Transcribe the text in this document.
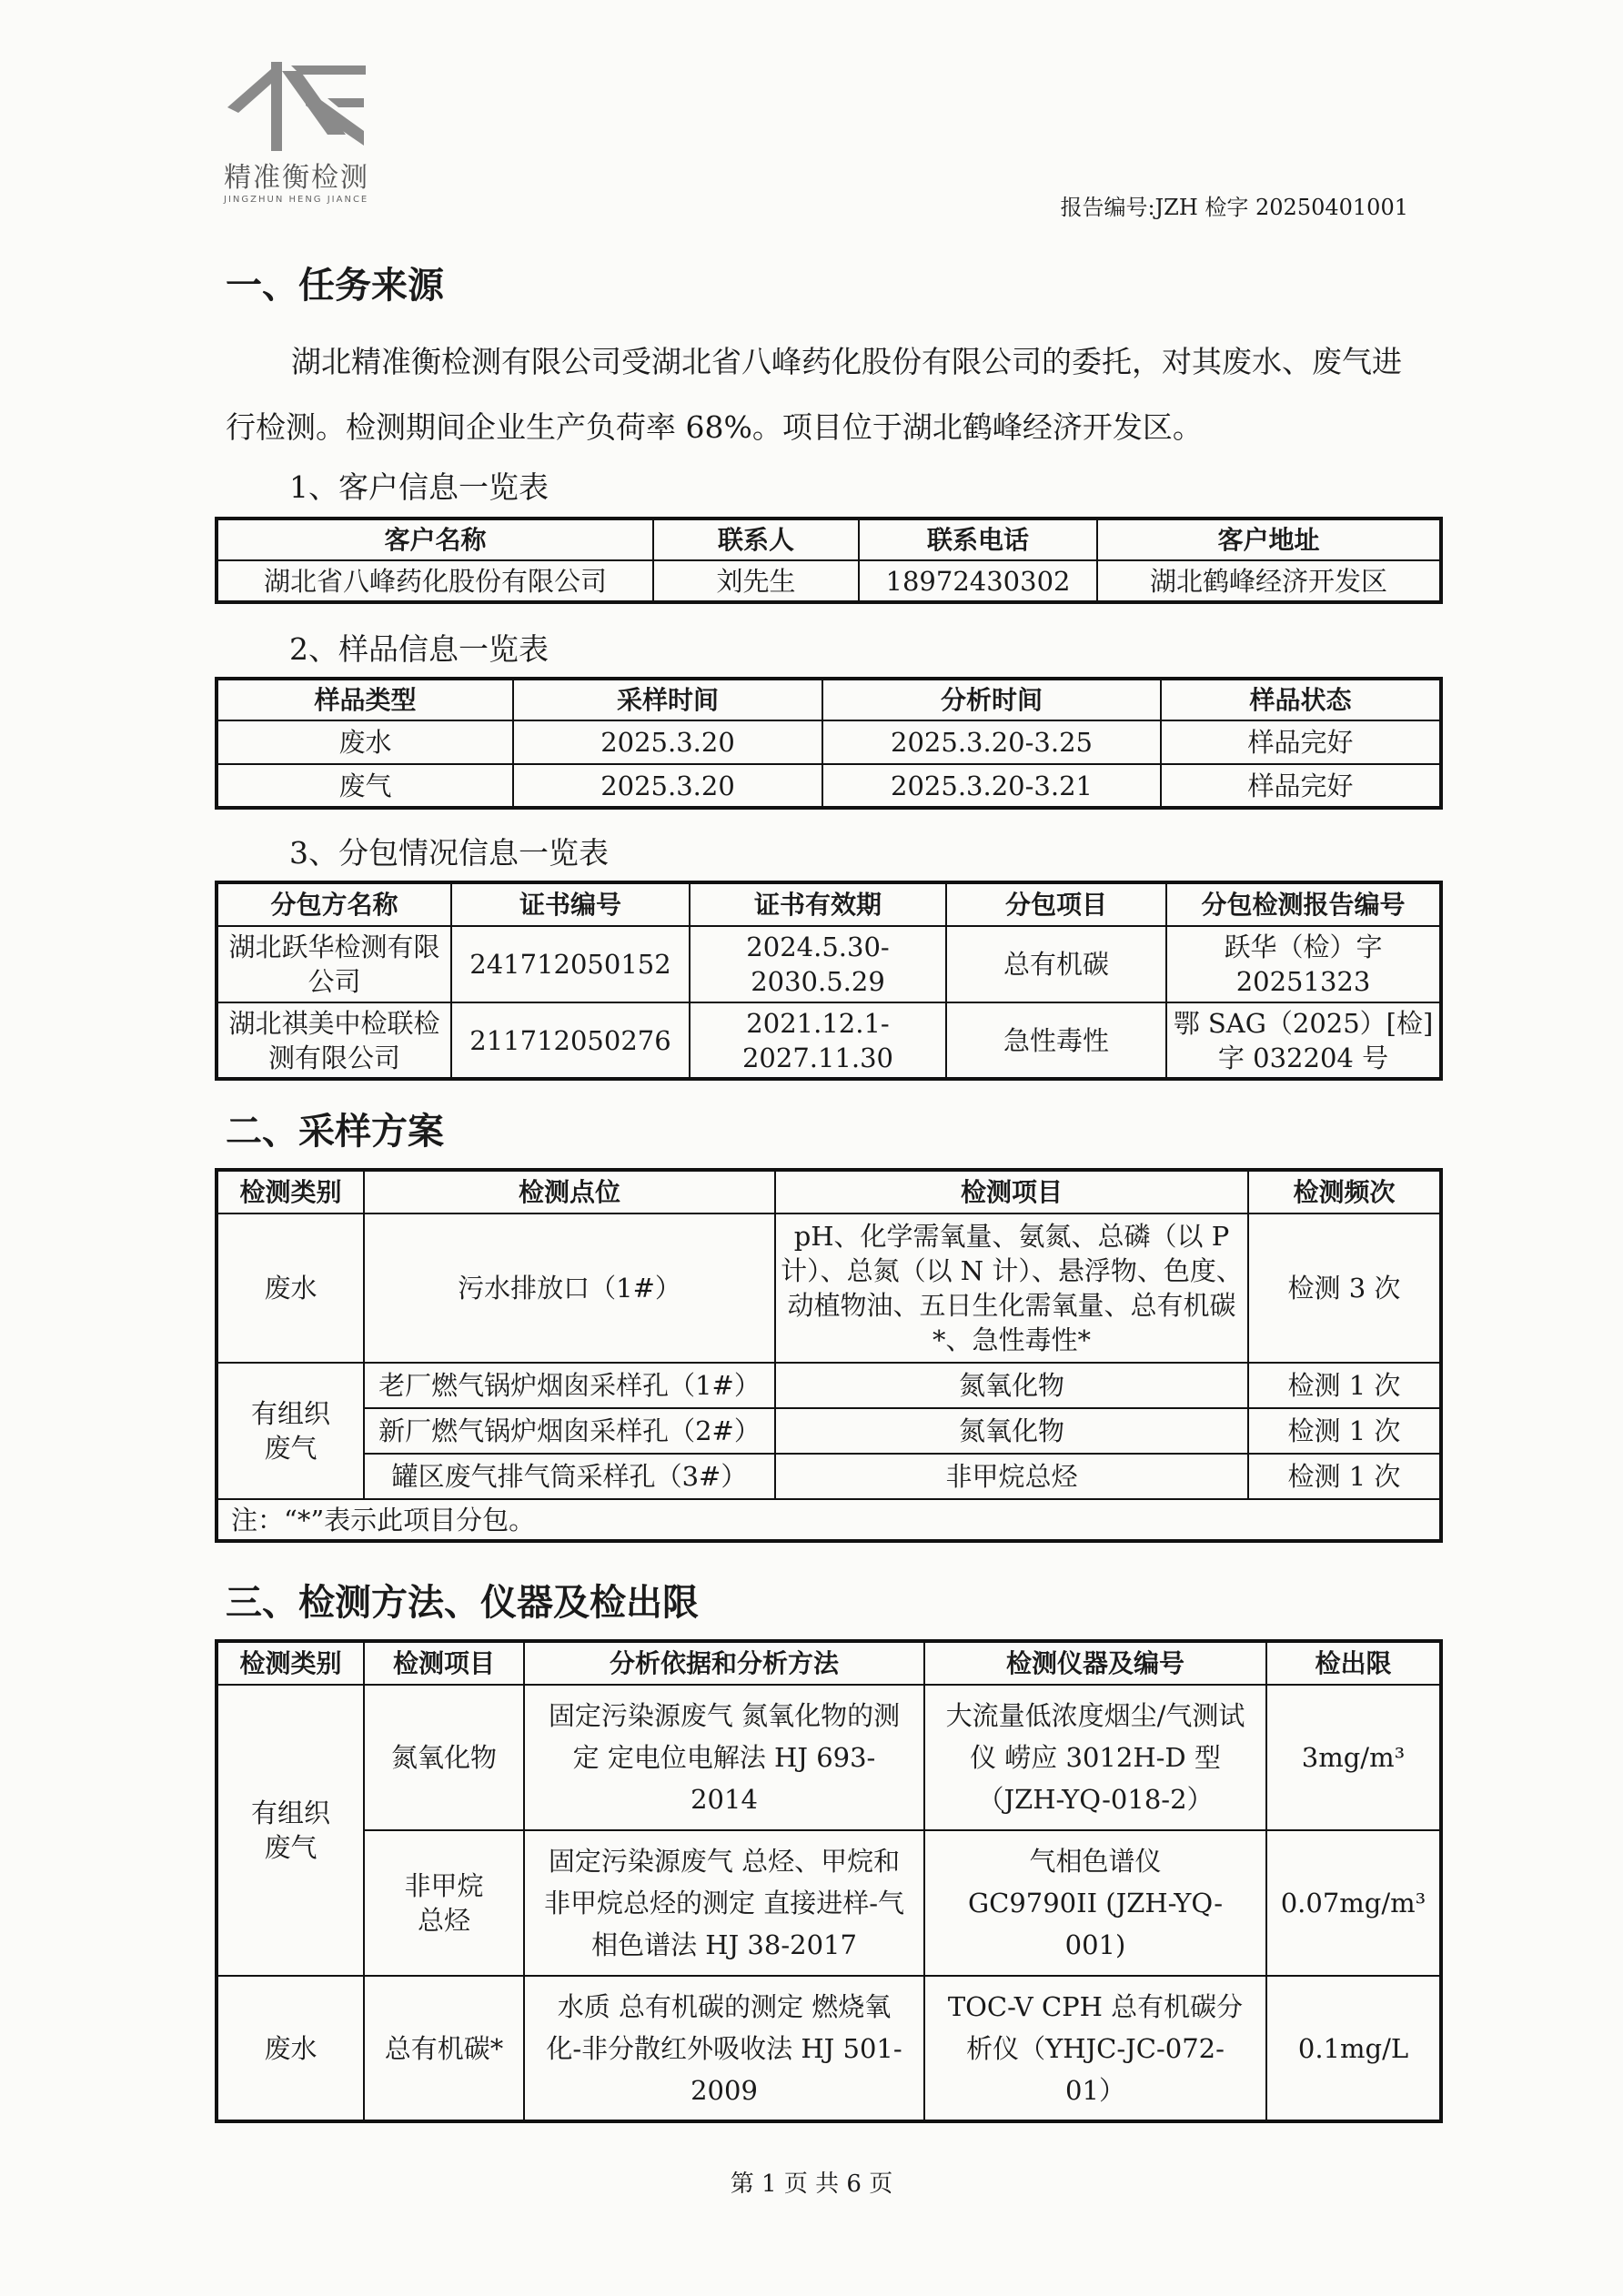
精准衡检测
JINGZHUN HENG JIANCE	报告编号:JZH 检字 20250401001
一、任务来源
湖北精准衡检测有限公司受湖北省八峰药化股份有限公司的委托，对其废水、废气进行检测。检测期间企业生产负荷率 68%。项目位于湖北鹤峰经济开发区。
1、客户信息一览表
客户名称	联系人	联系电话	客户地址
湖北省八峰药化股份有限公司	刘先生	18972430302	湖北鹤峰经济开发区
2、样品信息一览表
样品类型	采样时间	分析时间	样品状态
废水	2025.3.20	2025.3.20-3.25	样品完好
废气	2025.3.20	2025.3.20-3.21	样品完好
3、分包情况信息一览表
分包方名称	证书编号	证书有效期	分包项目	分包检测报告编号
湖北跃华检测有限公司	241712050152	2024.5.30-2030.5.29	总有机碳	跃华（检）字20251323
湖北祺美中检联检测有限公司	211712050276	2021.12.1-2027.11.30	急性毒性	鄂 SAG（2025）[检]字 032204 号
二、采样方案
检测类别	检测点位	检测项目	检测频次
废水	污水排放口（1#）	pH、化学需氧量、氨氮、总磷（以 P 计）、总氮（以 N 计）、悬浮物、色度、动植物油、五日生化需氧量、总有机碳*、急性毒性*	检测 3 次
有组织废气	老厂燃气锅炉烟囱采样孔（1#）	氮氧化物	检测 1 次
	新厂燃气锅炉烟囱采样孔（2#）	氮氧化物	检测 1 次
	罐区废气排气筒采样孔（3#）	非甲烷总烃	检测 1 次
注：“*”表示此项目分包。			
三、检测方法、仪器及检出限
检测类别	检测项目	分析依据和分析方法	检测仪器及编号	检出限
有组织废气	氮氧化物	固定污染源废气 氮氧化物的测定 定电位电解法 HJ 693-2014	大流量低浓度烟尘/气测试仪 崂应 3012H-D 型（JZH-YQ-018-2）	3mg/m³
	非甲烷总烃	固定污染源废气 总烃、甲烷和非甲烷总烃的测定 直接进样-气相色谱法 HJ 38-2017	气相色谱仪 GC9790II (JZH-YQ-001)	0.07mg/m³
废水	总有机碳*	水质 总有机碳的测定 燃烧氧化-非分散红外吸收法 HJ 501-2009	TOC-V CPH 总有机碳分析仪（YHJC-JC-072-01）	0.1mg/L
第 1 页 共 6 页
